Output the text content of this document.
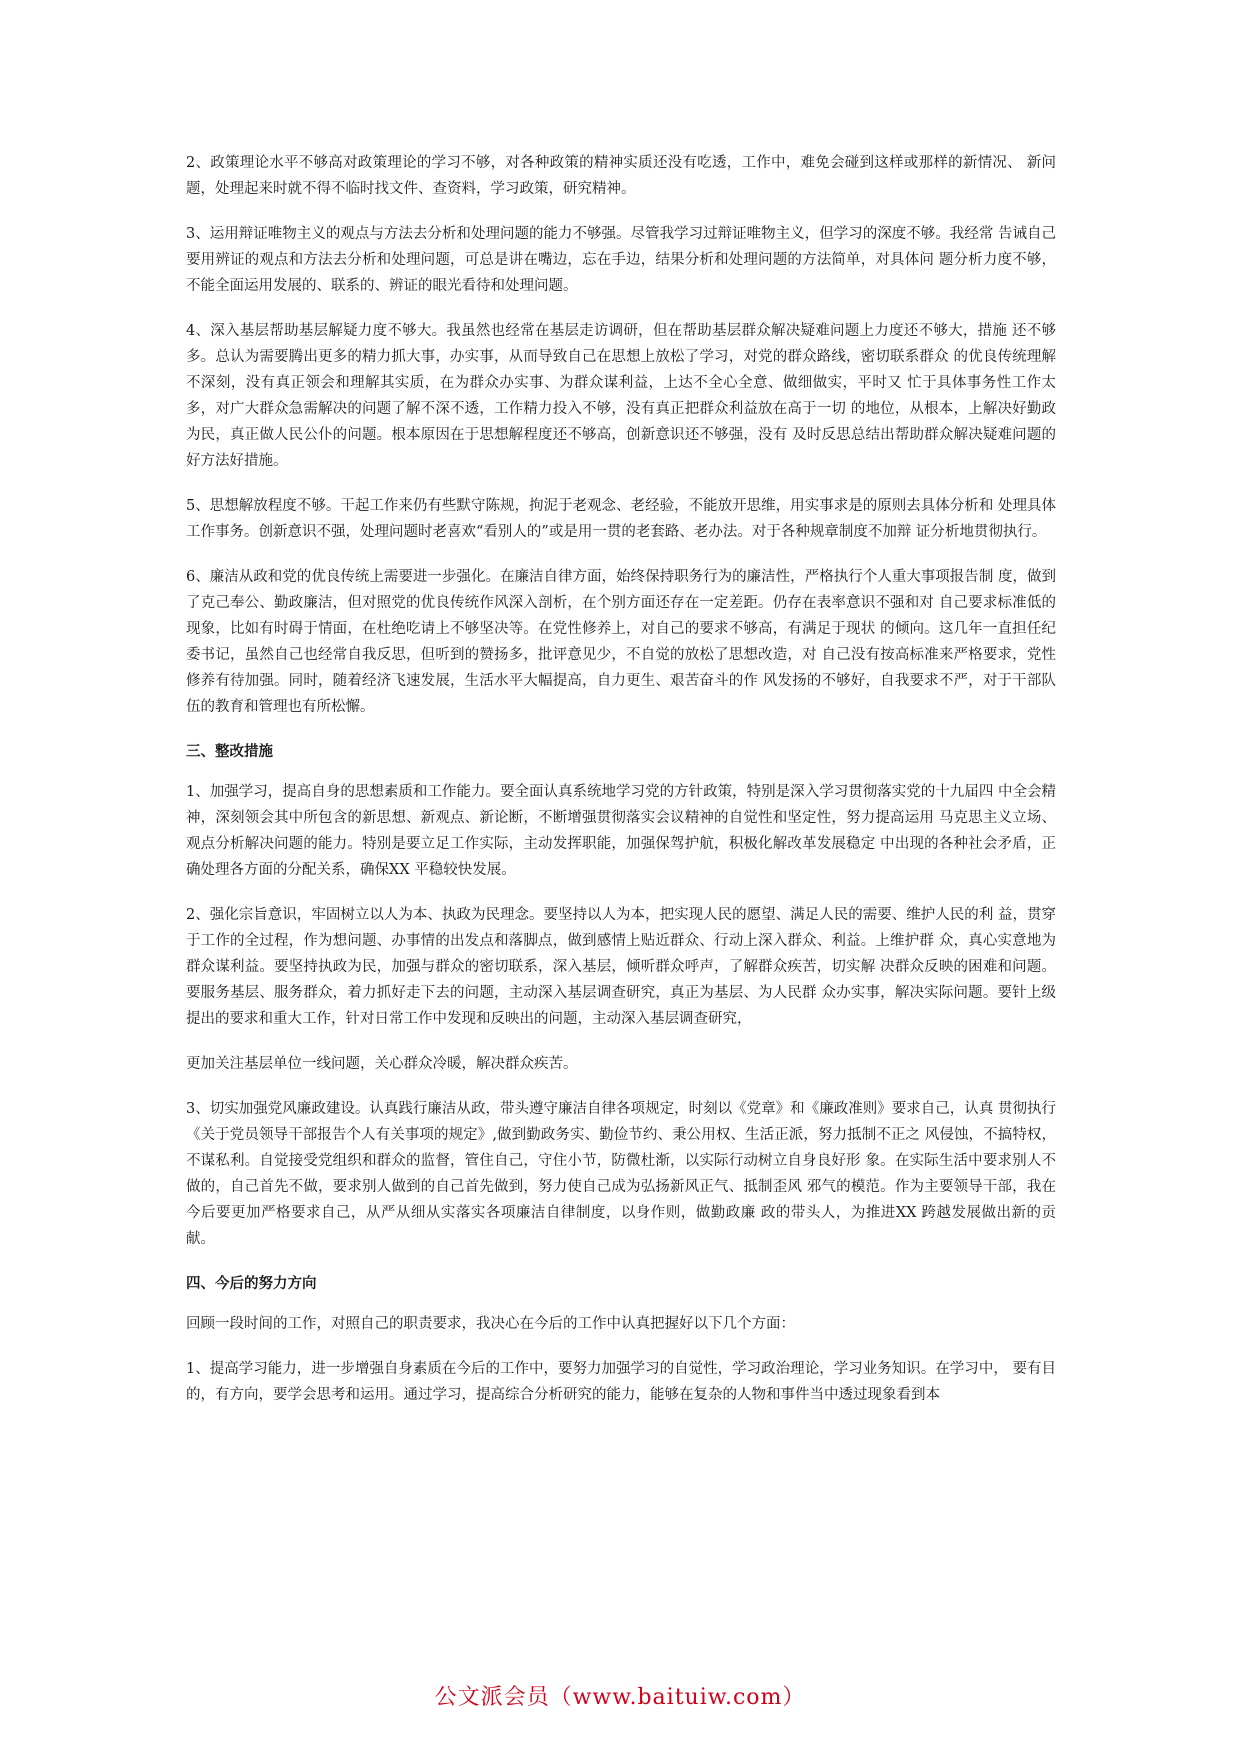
2、政策理论水平不够高对政策理论的学习不够，对各种政策的精神实质还没有吃透，工作中，难免会碰到这样或那样的新情况、 新问题，处理起来时就不得不临时找文件、查资料，学习政策，研究精神。

3、运用辩证唯物主义的观点与方法去分析和处理问题的能力不够强。尽管我学习过辩证唯物主义，但学习的深度不够。我经常 告诫自己要用辨证的观点和方法去分析和处理问题，可总是讲在嘴边，忘在手边，结果分析和处理问题的方法简单，对具体问 题分析力度不够，不能全面运用发展的、联系的、辨证的眼光看待和处理问题。

4、深入基层帮助基层解疑力度不够大。我虽然也经常在基层走访调研，但在帮助基层群众解决疑难问题上力度还不够大，措施 还不够多。总认为需要腾出更多的精力抓大事，办实事，从而导致自己在思想上放松了学习，对党的群众路线，密切联系群众 的优良传统理解不深刻，没有真正领会和理解其实质，在为群众办实事、为群众谋利益，上达不全心全意、做细做实，平时又 忙于具体事务性工作太多，对广大群众急需解决的问题了解不深不透，工作精力投入不够，没有真正把群众利益放在高于一切 的地位，从根本，上解决好勤政为民，真正做人民公仆的问题。根本原因在于思想解程度还不够高，创新意识还不够强，没有 及时反思总结出帮助群众解决疑难问题的好方法好措施。

5、思想解放程度不够。干起工作来仍有些默守陈规，拘泥于老观念、老经验，不能放开思维，用实事求是的原则去具体分析和 处理具体工作事务。创新意识不强，处理问题时老喜欢“看别人的”或是用一贯的老套路、老办法。对于各种规章制度不加辩 证分析地贯彻执行。

6、廉洁从政和党的优良传统上需要进一步强化。在廉洁自律方面，始终保持职务行为的廉洁性，严格执行个人重大事项报告制 度，做到了克己奉公、勤政廉洁，但对照党的优良传统作风深入剖析，在个别方面还存在一定差距。仍存在表率意识不强和对 自己要求标准低的现象，比如有时碍于情面，在杜绝吃请上不够坚决等。在党性修养上，对自己的要求不够高，有满足于现状 的倾向。这几年一直担任纪委书记，虽然自己也经常自我反思，但听到的赞扬多，批评意见少，不自觉的放松了思想改造，对 自己没有按高标准来严格要求，党性修养有待加强。同时，随着经济飞速发展，生活水平大幅提高，自力更生、艰苦奋斗的作 风发扬的不够好，自我要求不严，对于干部队伍的教育和管理也有所松懈。

三、整改措施

1、加强学习，提高自身的思想素质和工作能力。要全面认真系统地学习党的方针政策，特别是深入学习贯彻落实党的十九届四 中全会精神，深刻领会其中所包含的新思想、新观点、新论断，不断增强贯彻落实会议精神的自觉性和坚定性，努力提高运用 马克思主义立场、观点分析解决问题的能力。特别是要立足工作实际，主动发挥职能，加强保驾护航，积极化解改革发展稳定 中出现的各种社会矛盾，正确处理各方面的分配关系，确保XX 平稳较快发展。

2、强化宗旨意识，牢固树立以人为本、执政为民理念。要坚持以人为本，把实现人民的愿望、满足人民的需要、维护人民的利 益，贯穿于工作的全过程，作为想问题、办事情的出发点和落脚点，做到感情上贴近群众、行动上深入群众、利益。上维护群 众，真心实意地为群众谋利益。要坚持执政为民，加强与群众的密切联系，深入基层，倾听群众呼声，了解群众疾苦，切实解 决群众反映的困难和问题。要服务基层、服务群众，着力抓好走下去的问题，主动深入基层调查研究，真正为基层、为人民群 众办实事，解决实际问题。要针上级提出的要求和重大工作，针对日常工作中发现和反映出的问题，主动深入基层调查研究，

更加关注基层单位一线问题，关心群众冷暖，解决群众疾苦。

3、切实加强党风廉政建设。认真践行廉洁从政，带头遵守廉洁自律各项规定，时刻以《党章》和《廉政准则》要求自己，认真 贯彻执行《关于党员领导干部报告个人有关事项的规定》,做到勤政务实、勤俭节约、秉公用权、生活正派，努力抵制不正之 风侵蚀，不搞特权，不谋私利。自觉接受党组织和群众的监督，管住自己，守住小节，防微杜渐，以实际行动树立自身良好形 象。在实际生活中要求别人不做的，自己首先不做，要求别人做到的自己首先做到，努力使自己成为弘扬新风正气、抵制歪风 邪气的模范。作为主要领导干部，我在今后要更加严格要求自己，从严从细从实落实各项廉洁自律制度，以身作则，做勤政廉 政的带头人，为推进XX 跨越发展做出新的贡献。

四、今后的努力方向

回顾一段时间的工作，对照自己的职责要求，我决心在今后的工作中认真把握好以下几个方面：

1、提高学习能力，进一步增强自身素质在今后的工作中，要努力加强学习的自觉性，学习政治理论，学习业务知识。在学习中， 要有目的，有方向，要学会思考和运用。通过学习，提高综合分析研究的能力，能够在复杂的人物和事件当中透过现象看到本

公文派会员（www.baituiw.com）
